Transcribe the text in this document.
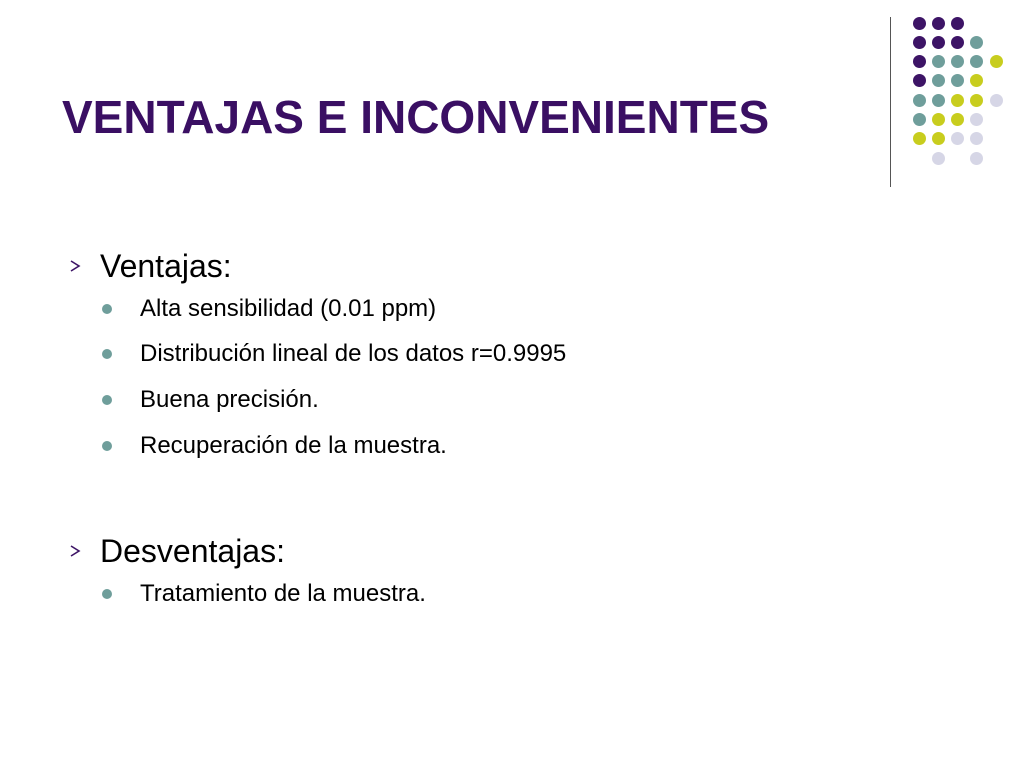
VENTAJAS E INCONVENIENTES
Ventajas:
Alta sensibilidad (0.01 ppm)
Distribución lineal de los datos r=0.9995
Buena precisión.
Recuperación de la muestra.
Desventajas:
Tratamiento de la muestra.
